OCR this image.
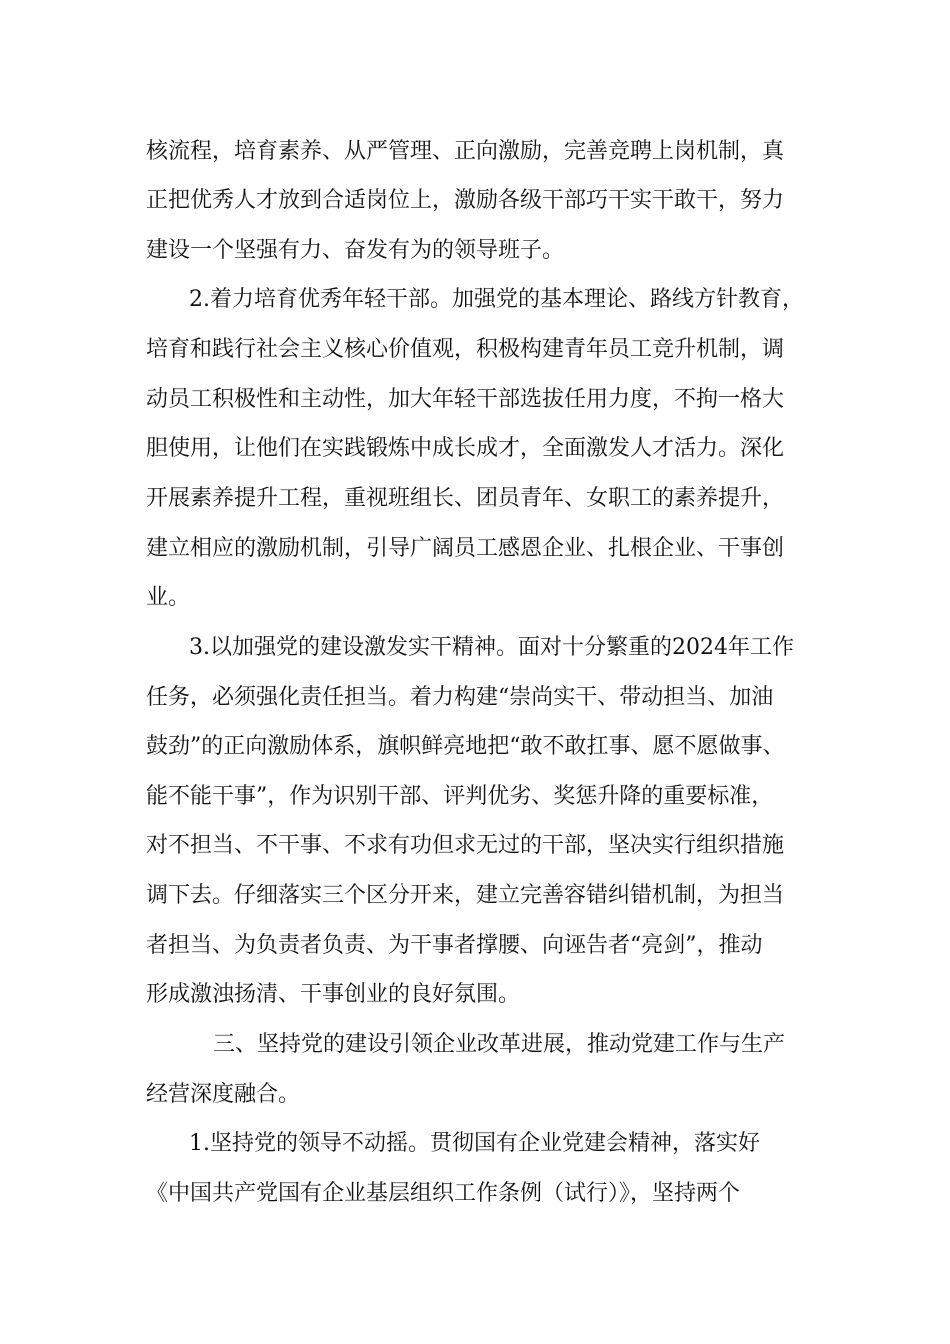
核流程，培育素养、从严管理、正向激励，完善竞聘上岗机制，真
正把优秀人才放到合适岗位上，激励各级干部巧干实干敢干，努力
建设一个坚强有力、奋发有为的领导班子。
2.着力培育优秀年轻干部。加强党的基本理论、路线方针教育，
培育和践行社会主义核心价值观，积极构建青年员工竞升机制，调
动员工积极性和主动性，加大年轻干部选拔任用力度，不拘一格大
胆使用，让他们在实践锻炼中成长成才，全面激发人才活力。深化
开展素养提升工程，重视班组长、团员青年、女职工的素养提升，
建立相应的激励机制，引导广阔员工感恩企业、扎根企业、干事创
业。
3.以加强党的建设激发实干精神。面对十分繁重的2024年工作
任务，必须强化责任担当。着力构建“崇尚实干、带动担当、加油
鼓劲”的正向激励体系，旗帜鲜亮地把“敢不敢扛事、愿不愿做事、
能不能干事”，作为识别干部、评判优劣、奖惩升降的重要标准，
对不担当、不干事、不求有功但求无过的干部，坚决实行组织措施
调下去。仔细落实三个区分开来，建立完善容错纠错机制，为担当
者担当、为负责者负责、为干事者撑腰、向诬告者“亮剑”，推动
形成激浊扬清、干事创业的良好氛围。
三、坚持党的建设引领企业改革进展，推动党建工作与生产
经营深度融合。
1.坚持党的领导不动摇。贯彻国有企业党建会精神，落实好
《中国共产党国有企业基层组织工作条例（试行）》，坚持两个
